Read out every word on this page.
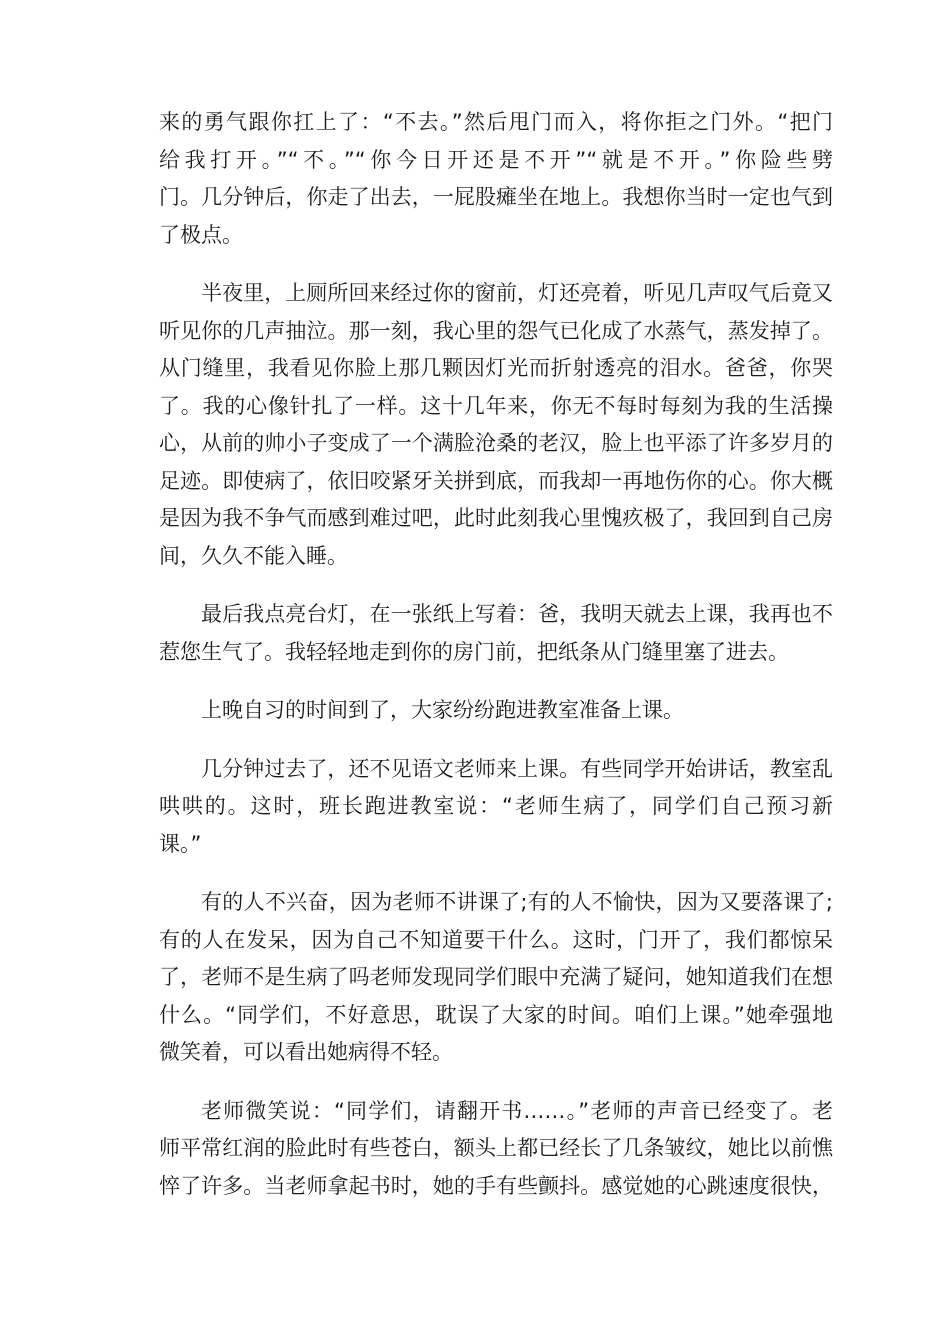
来的勇气跟你扛上了：“不去。”然后甩门而入，将你拒之门外。“把门
给我打开。”“不。”“你今日开还是不开”“就是不开。”你险些劈
门。几分钟后，你走了出去，一屁股瘫坐在地上。我想你当时一定也气到
了极点。
半夜里，上厕所回来经过你的窗前，灯还亮着，听见几声叹气后竟又
听见你的几声抽泣。那一刻，我心里的怨气已化成了水蒸气，蒸发掉了。
从门缝里，我看见你脸上那几颗因灯光而折射透亮的泪水。爸爸，你哭
了。我的心像针扎了一样。这十几年来，你无不每时每刻为我的生活操
心，从前的帅小子变成了一个满脸沧桑的老汉，脸上也平添了许多岁月的
足迹。即使病了，依旧咬紧牙关拼到底，而我却一再地伤你的心。你大概
是因为我不争气而感到难过吧，此时此刻我心里愧疚极了，我回到自己房
间，久久不能入睡。
最后我点亮台灯，在一张纸上写着：爸，我明天就去上课，我再也不
惹您生气了。我轻轻地走到你的房门前，把纸条从门缝里塞了进去。
上晚自习的时间到了，大家纷纷跑进教室准备上课。
几分钟过去了，还不见语文老师来上课。有些同学开始讲话，教室乱
哄哄的。这时，班长跑进教室说：“老师生病了，同学们自己预习新
课。”
有的人不兴奋，因为老师不讲课了;有的人不愉快，因为又要落课了;
有的人在发呆，因为自己不知道要干什么。这时，门开了，我们都惊呆
了，老师不是生病了吗老师发现同学们眼中充满了疑问，她知道我们在想
什么。“同学们，不好意思，耽误了大家的时间。咱们上课。”她牵强地
微笑着，可以看出她病得不轻。
老师微笑说：“同学们，请翻开书……。”老师的声音已经变了。老
师平常红润的脸此时有些苍白，额头上都已经长了几条皱纹，她比以前憔
悴了许多。当老师拿起书时，她的手有些颤抖。感觉她的心跳速度很快，
